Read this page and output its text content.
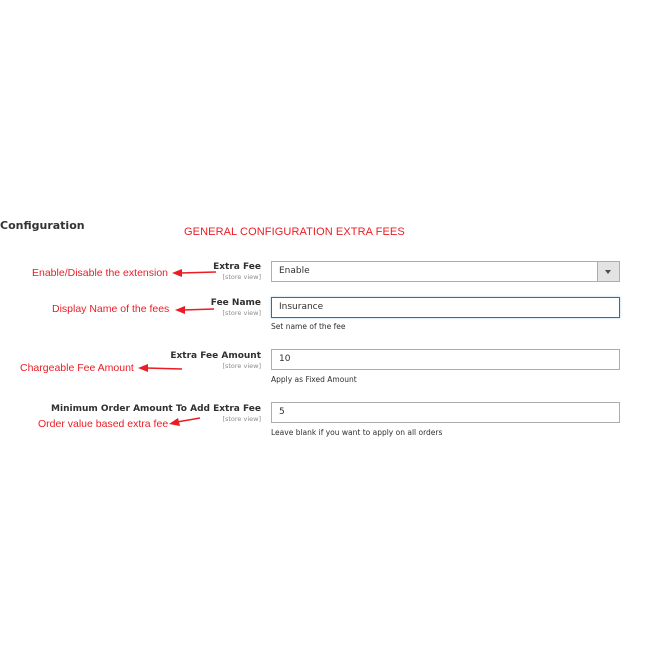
Configuration	GENERAL CONFIGURATION EXTRA FEES
Enable/Disable the extension
Display Name of the fees
Chargeable Fee Amount
Order value based extra fee
Extra Fee
[store view]
Enable
Fee Name
[store view]
Insurance
Set name of the fee
Extra Fee Amount
[store view]
10
Apply as Fixed Amount
Minimum Order Amount To Add Extra Fee
[store view]
5
Leave blank if you want to apply on all orders
